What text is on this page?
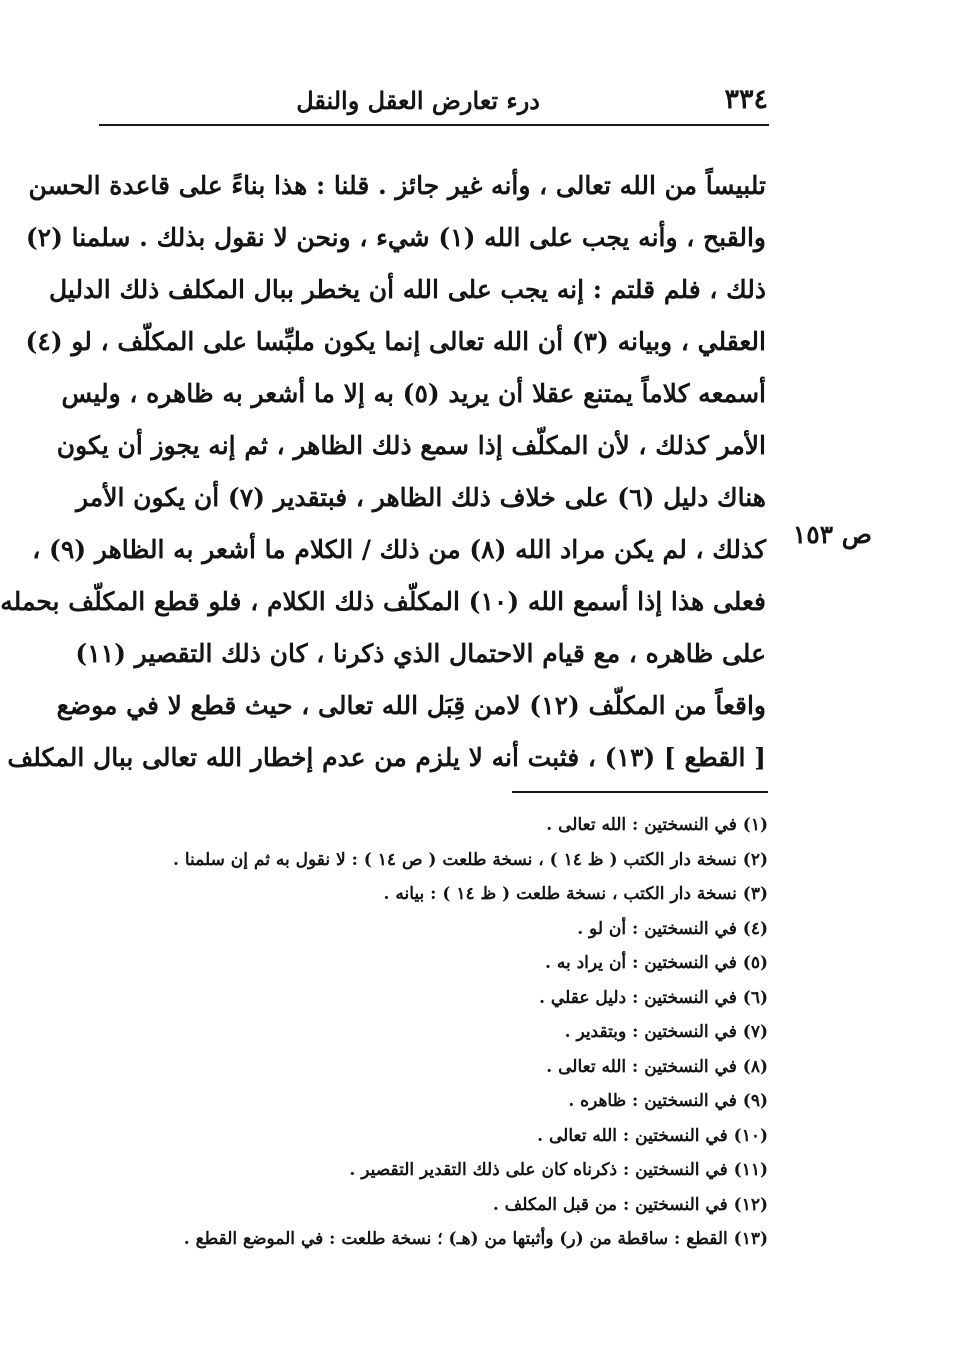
٣٣٤
درء تعارض العقل والنقل
تلبيساً من الله تعالى ، وأنه غير جائز . قلنا : هذا بناءً على قاعدة الحسن
والقبح ، وأنه يجب على الله (١) شيء ، ونحن لا نقول بذلك . سلمنا (٢)
ذلك ، فلم قلتم : إنه يجب على الله أن يخطر ببال المكلف ذلك الدليل
العقلي ، وبيانه (٣) أن الله تعالى إنما يكون ملبِّسا على المكلّف ، لو (٤)
أسمعه كلاماً يمتنع عقلا أن يريد (٥) به إلا ما أشعر به ظاهره ، وليس
الأمر كذلك ، لأن المكلّف إذا سمع ذلك الظاهر ، ثم إنه يجوز أن يكون
هناك دليل (٦) على خلاف ذلك الظاهر ، فبتقدير (٧) أن يكون الأمر
كذلك ، لم يكن مراد الله (٨) من ذلك / الكلام ما أشعر به الظاهر (٩) ،
فعلى هذا إذا أسمع الله (١٠) المكلّف ذلك الكلام ، فلو قطع المكلّف بحمله
على ظاهره ، مع قيام الاحتمال الذي ذكرنا ، كان ذلك التقصير (١١)
واقعاً من المكلّف (١٢) لامن قِبَل الله تعالى ، حيث قطع لا في موضع
[ القطع ] (١٣) ، فثبت أنه لا يلزم من عدم إخطار الله تعالى ببال المكلف
ص ١٥٣
(١) في النسختين : الله تعالى .
(٢) نسخة دار الكتب ( ظ ١٤ ) ، نسخة طلعت ( ص ١٤ ) : لا نقول به ثم إن سلمنا .
(٣) نسخة دار الكتب ، نسخة طلعت ( ظ ١٤ ) : بيانه .
(٤) في النسختين : أن لو .
(٥) في النسختين : أن يراد به .
(٦) في النسختين : دليل عقلي .
(٧) في النسختين : وبتقدير .
(٨) في النسختين : الله تعالى .
(٩) في النسختين : ظاهره .
(١٠) في النسختين : الله تعالى .
(١١) في النسختين : ذكرناه كان على ذلك التقدير التقصير .
(١٢) في النسختين : من قبل المكلف .
(١٣) القطع : ساقطة من (ر) وأثبتها من (هـ) ؛ نسخة طلعت : في الموضع القطع .
